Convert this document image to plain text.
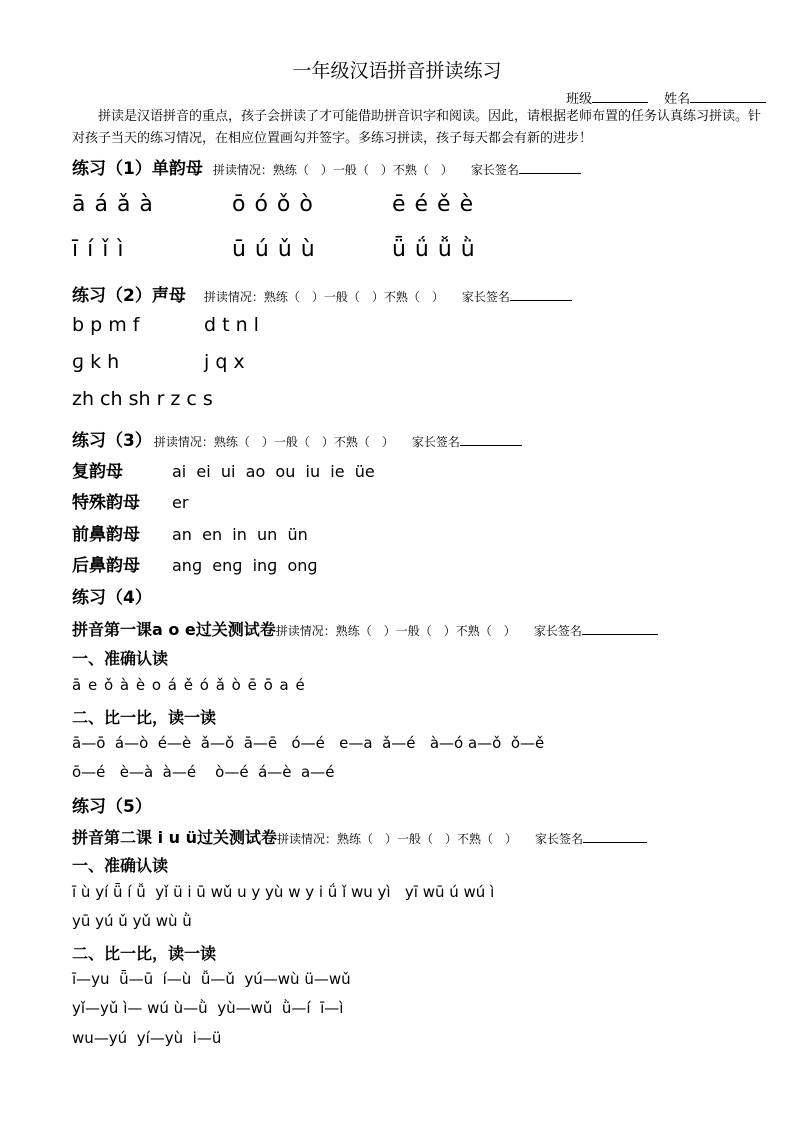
一年级汉语拼音拼读练习
班级	姓名
拼读是汉语拼音的重点，孩子会拼读了才可能借助拼音识字和阅读。因此，请根据老师布置的任务认真练习拼读。针对孩子当天的练习情况，在相应位置画勾并签字。多练习拼读，孩子每天都会有新的进步！
练习（1）单韵母 拼读情况：熟练（　）一般（　）不熟（　） 家长签名
ā á ǎ à	ō ó ǒ ò	ē é ě è
ī í ǐ ì	ū ú ǔ ù	ǖ ǘ ǚ ǜ
练习（2）声母 拼读情况：熟练（　）一般（　）不熟（　） 家长签名
b p m f	d t n l
ɡ k h	j q x
zh ch sh r z c s
练习（3） 拼读情况：熟练（　）一般（　）不熟（　） 家长签名
复韵母	ai  ei  ui  ao  ou  iu  ie  üe
特殊韵母 er
前鼻韵母 an  en  in  un  ün
后鼻韵母 anɡ  enɡ  inɡ  onɡ
练习（4）
拼音第一课a o e过关测试卷拼读情况：熟练（　）一般（　）不熟（　） 家长签名
一、准确认读
ā e ǒ à è o á ě ó ǎ ò ē ō a é
二、比一比，读一读
ā—ō  á—ò  é—è  ǎ—ǒ  ā—ē   ó—é   e—a  ǎ—é   à—ó a—ǒ  ǒ—ě
ō—é   è—à  à—é    ò—é  á—è  a—é
练习（5）
拼音第二课 i u ü过关测试卷拼读情况：熟练（　）一般（　）不熟（　） 家长签名
一、准确认读
ī ù yí ǖ í ǚ  yǐ ü i ū wǔ u y yù w y i ǘ ǐ wu yì   yī wū ú wú ì
yū yú ǔ yǔ wù ǜ
二、比一比，读一读
ī—yu  ǖ—ū  í—ù  ǚ—ǔ  yú—wù ü—wǔ
yǐ—yǔ ì— wú ù—ǜ  yù—wǔ  ǜ—í  ī—ì
wu—yú  yí—yù  i—ü
